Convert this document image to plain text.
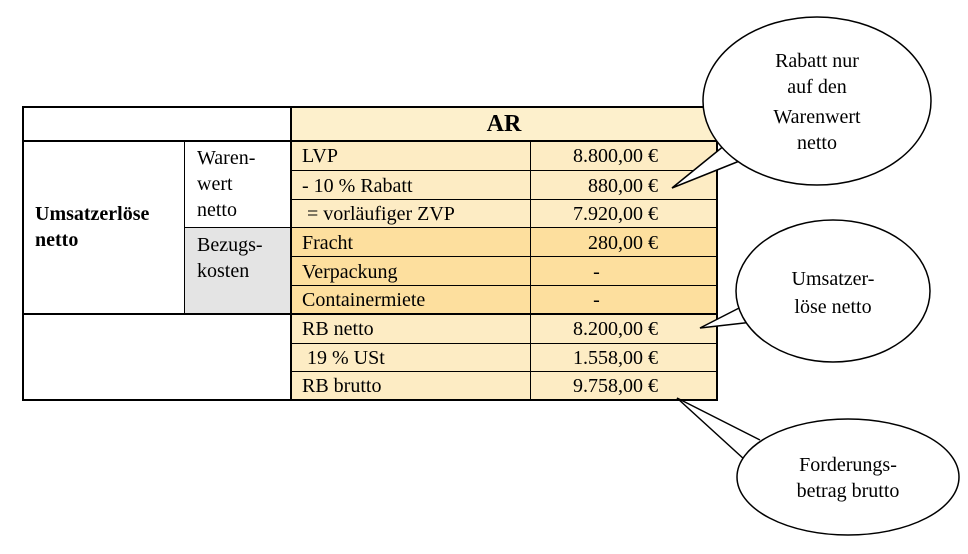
AR
Umsatzerlöse
netto
Waren-
wert
netto
Bezugs-
kosten
LVP
- 10 % Rabatt
= vorläufiger ZVP
Fracht
Verpackung
Containermiete
RB netto
19 % USt
RB brutto
8.800,00 €
880,00 €
7.920,00 €
280,00 €
-
-
8.200,00 €
1.558,00 €
9.758,00 €
Rabatt nur
auf den
Warenwert
netto
Umsatzer-
löse netto
Forderungs-
betrag brutto
